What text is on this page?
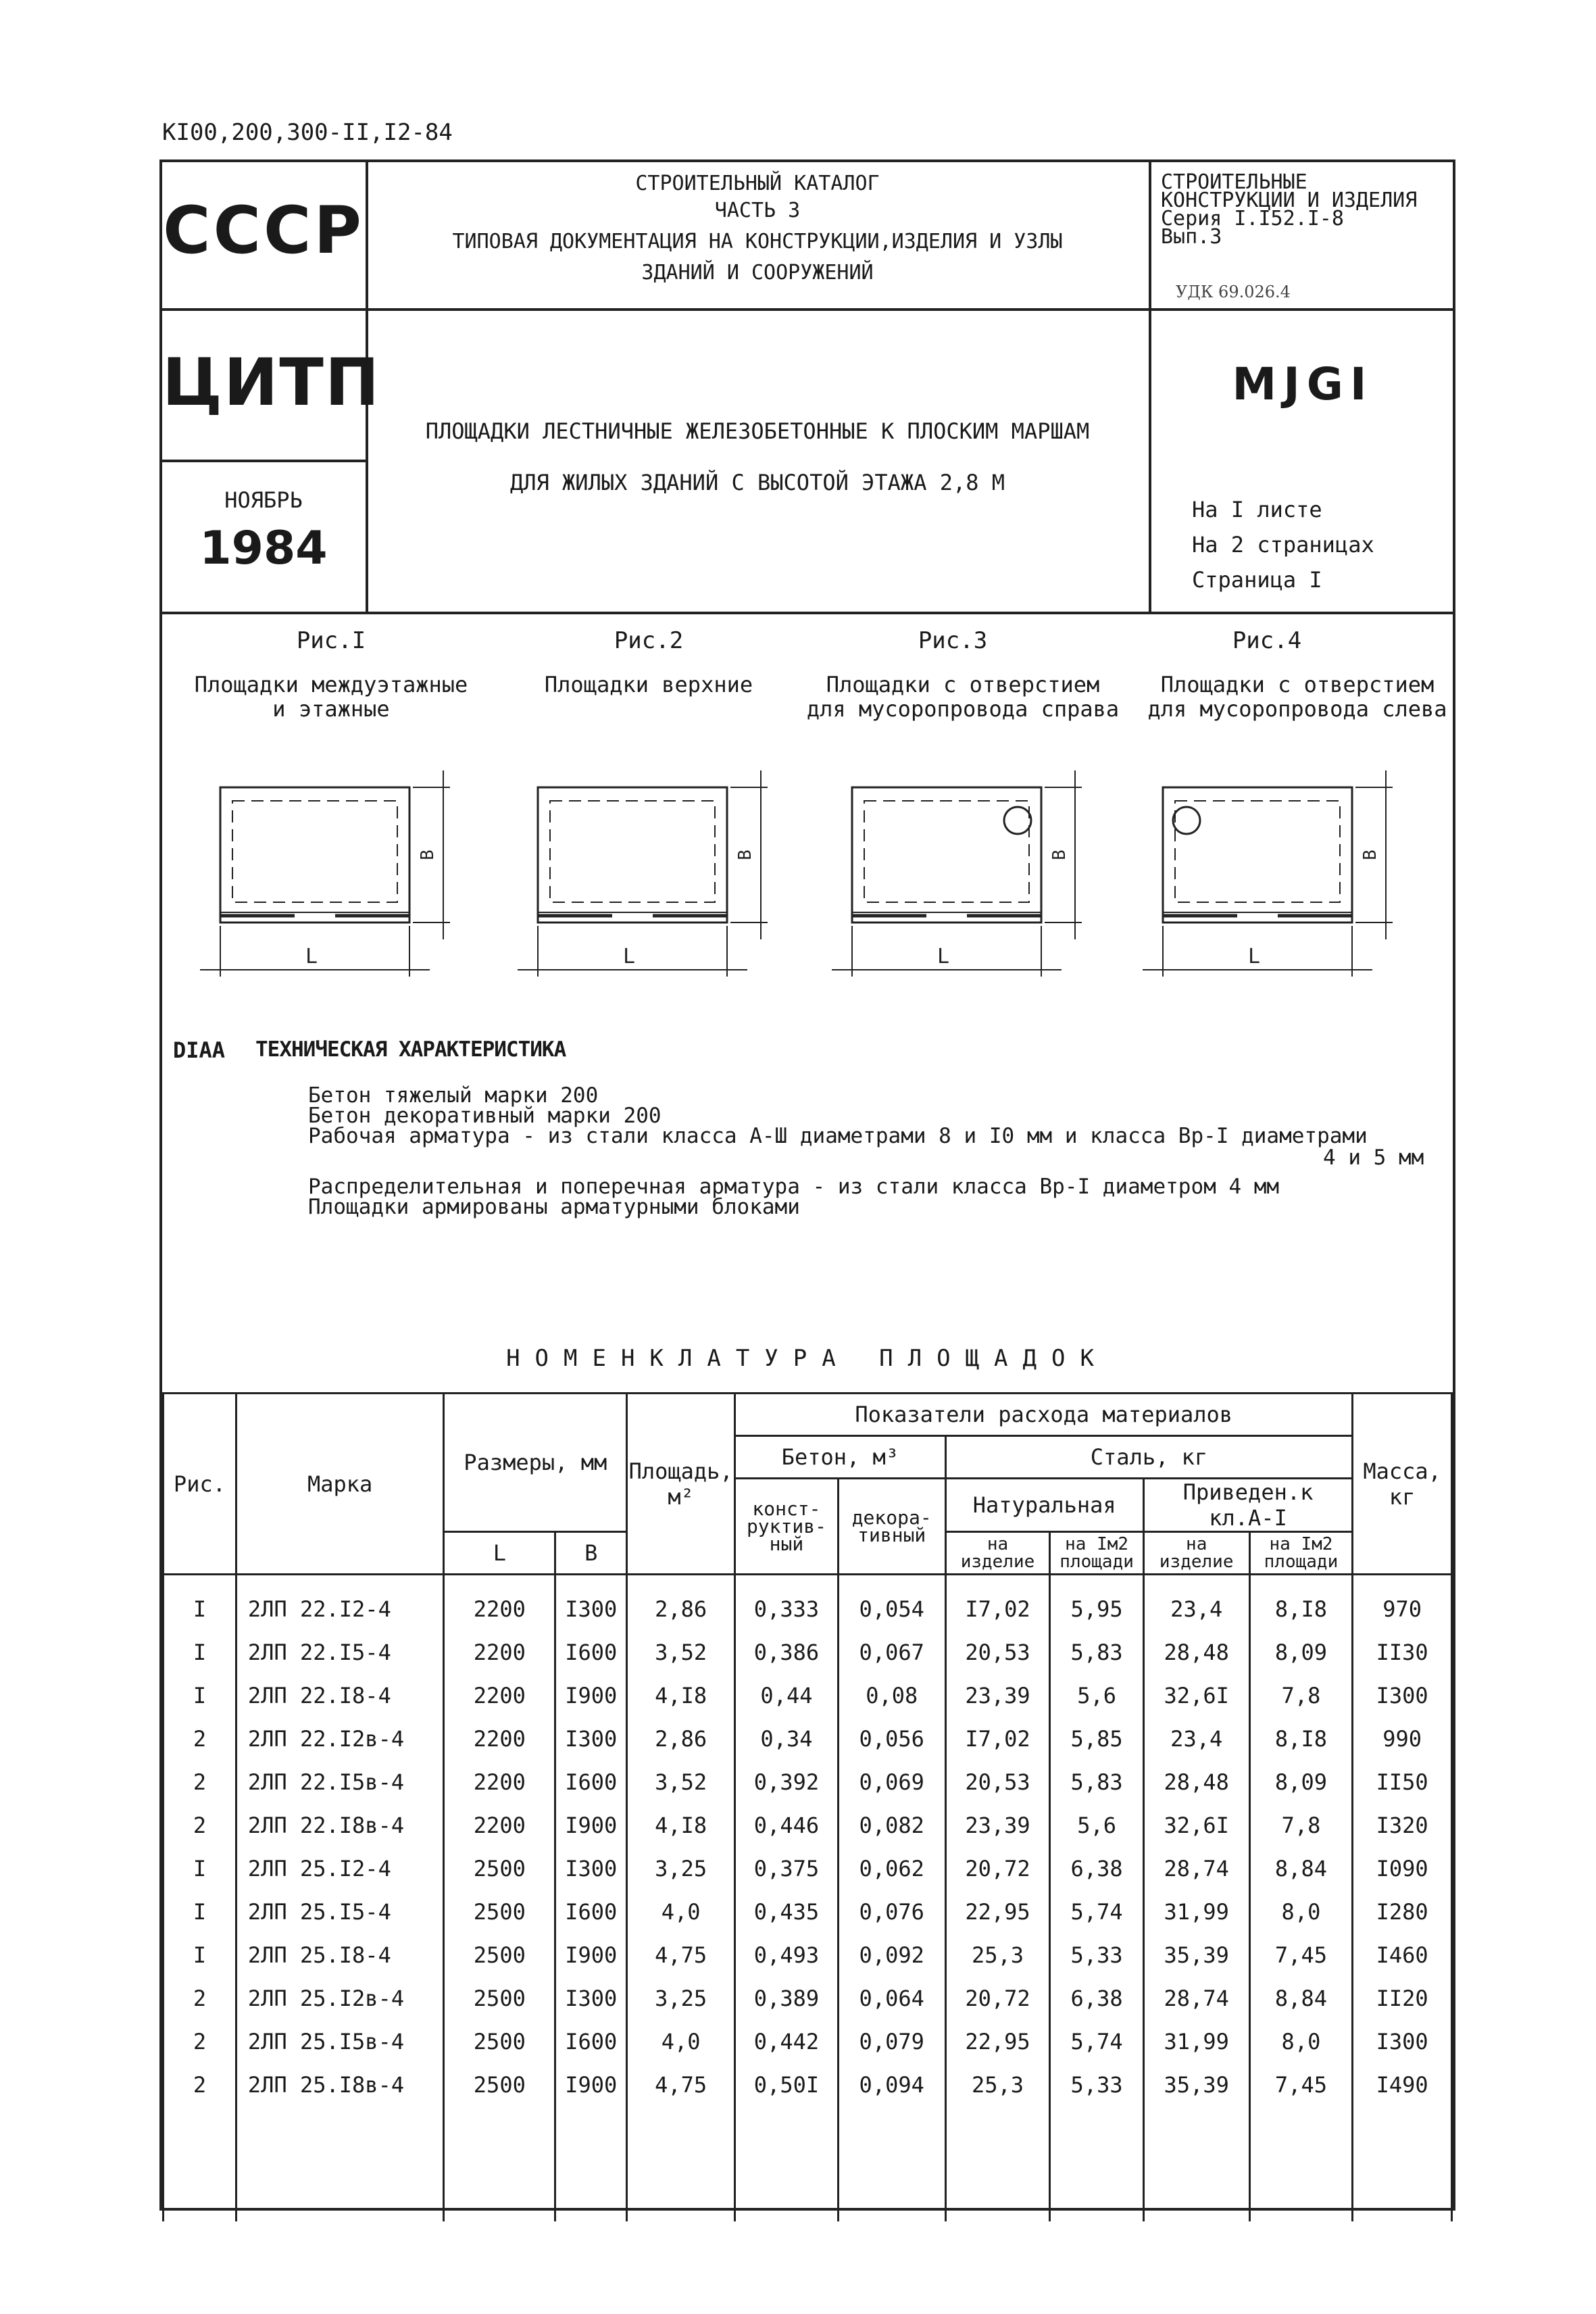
КI00,200,300-II,I2-84
СССР
ЦИТП
НОЯБРЬ
1984
СТРОИТЕЛЬНЫЙ КАТАЛОГ
ЧАСТЬ 3
ТИПОВАЯ ДОКУМЕНТАЦИЯ НА КОНСТРУКЦИИ,ИЗДЕЛИЯ И УЗЛЫ
ЗДАНИЙ И СООРУЖЕНИЙ
ПЛОЩАДКИ ЛЕСТНИЧНЫЕ ЖЕЛЕЗОБЕТОННЫЕ К ПЛОСКИМ МАРШАМ
ДЛЯ ЖИЛЫХ ЗДАНИЙ С ВЫСОТОЙ ЭТАЖА 2,8 М
СТРОИТЕЛЬНЫЕ
КОНСТРУКЦИИ И ИЗДЕЛИЯ
Серия I.I52.I-8
Вып.3
УДК 69.026.4
МJGI
На I листе
На 2 страницах
Страница I
Рис.I	Рис.2	Рис.3	Рис.4
Площадки междуэтажные
и этажные
Площадки верхние	Площадки с отверстием
для мусоропровода справа
Площадки с отверстием
для мусоропровода слева
L
B
L
B
L
B
L
B
DIAA ТЕХНИЧЕСКАЯ ХАРАКТЕРИСТИКА
Бетон тяжелый марки 200
Бетон декоративный марки 200
Рабочая арматура - из стали класса А-Ш диаметрами 8 и I0 мм и класса Вр-I диаметрами
4 и 5 мм
Распределительная и поперечная арматура - из стали класса Вр-I диаметром 4 мм
Площадки армированы арматурными блоками
НОМЕНКЛАТУРА ПЛОЩАДОК
Рис.	Марка	Размеры, мм		Площадь, м²	Показатели расхода материалов						Масса, кг
					Бетон, м³		Сталь, кг				
					конст-руктив-ный	декора-тивный	Натуральная		Приведен.к кл.А-I		
		L	В				на изделие	на Iм2 площади	на изделие	на Iм2 площади	
I	2ЛП 22.I2-4	2200	I300	2,86	0,333	0,054	I7,02	5,95	23,4	8,I8	970
I	2ЛП 22.I5-4	2200	I600	3,52	0,386	0,067	20,53	5,83	28,48	8,09	II30
I	2ЛП 22.I8-4	2200	I900	4,I8	0,44	0,08	23,39	5,6	32,6I	7,8	I300
2	2ЛП 22.I2в-4	2200	I300	2,86	0,34	0,056	I7,02	5,85	23,4	8,I8	990
2	2ЛП 22.I5в-4	2200	I600	3,52	0,392	0,069	20,53	5,83	28,48	8,09	II50
2	2ЛП 22.I8в-4	2200	I900	4,I8	0,446	0,082	23,39	5,6	32,6I	7,8	I320
I	2ЛП 25.I2-4	2500	I300	3,25	0,375	0,062	20,72	6,38	28,74	8,84	I090
I	2ЛП 25.I5-4	2500	I600	4,0	0,435	0,076	22,95	5,74	31,99	8,0	I280
I	2ЛП 25.I8-4	2500	I900	4,75	0,493	0,092	25,3	5,33	35,39	7,45	I460
2	2ЛП 25.I2в-4	2500	I300	3,25	0,389	0,064	20,72	6,38	28,74	8,84	II20
2	2ЛП 25.I5в-4	2500	I600	4,0	0,442	0,079	22,95	5,74	31,99	8,0	I300
2	2ЛП 25.I8в-4	2500	I900	4,75	0,50I	0,094	25,3	5,33	35,39	7,45	I490
